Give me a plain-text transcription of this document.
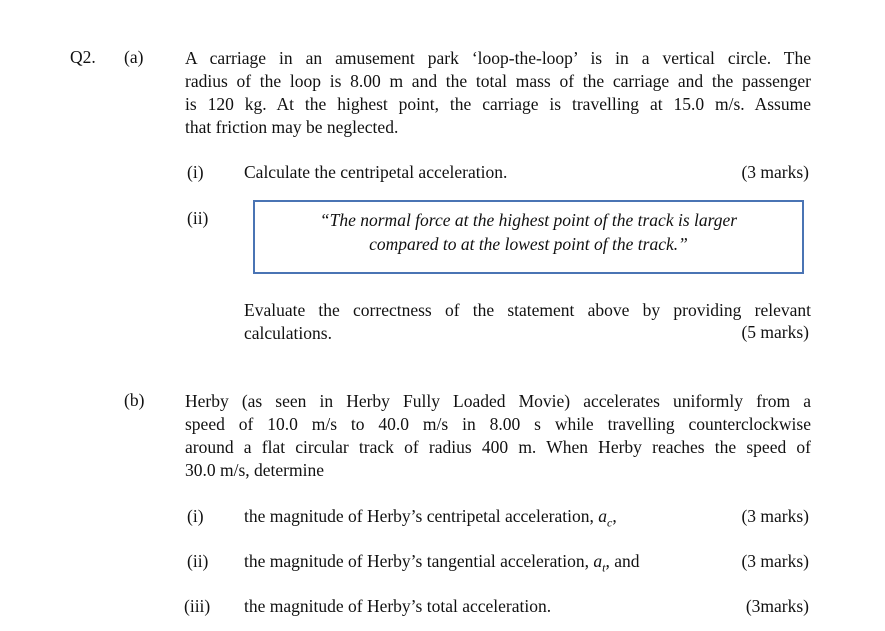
Q2. (a) A carriage in an amusement park ‘loop-the-loop’ is in a vertical circle. The
radius of the loop is 8.00 m and the total mass of the carriage and the passenger
is 120 kg. At the highest point, the carriage is travelling at 15.0 m/s. Assume
that friction may be neglected.
(i) Calculate the centripetal acceleration.	(3 marks)
(ii)	“The normal force at the highest point of the track is larger
compared to at the lowest point of the track.”
Evaluate the correctness of the statement above by providing relevant
calculations.	(5 marks)
(b) Herby (as seen in Herby Fully Loaded Movie) accelerates uniformly from a
speed of 10.0 m/s to 40.0 m/s in 8.00 s while travelling counterclockwise
around a flat circular track of radius 400 m. When Herby reaches the speed of
30.0 m/s, determine
(i) the magnitude of Herby’s centripetal acceleration, $a_c$,	(3 marks)
(ii) the magnitude of Herby’s tangential acceleration, $a_t$, and	(3 marks)
(iii) the magnitude of Herby’s total acceleration.	(3marks)
